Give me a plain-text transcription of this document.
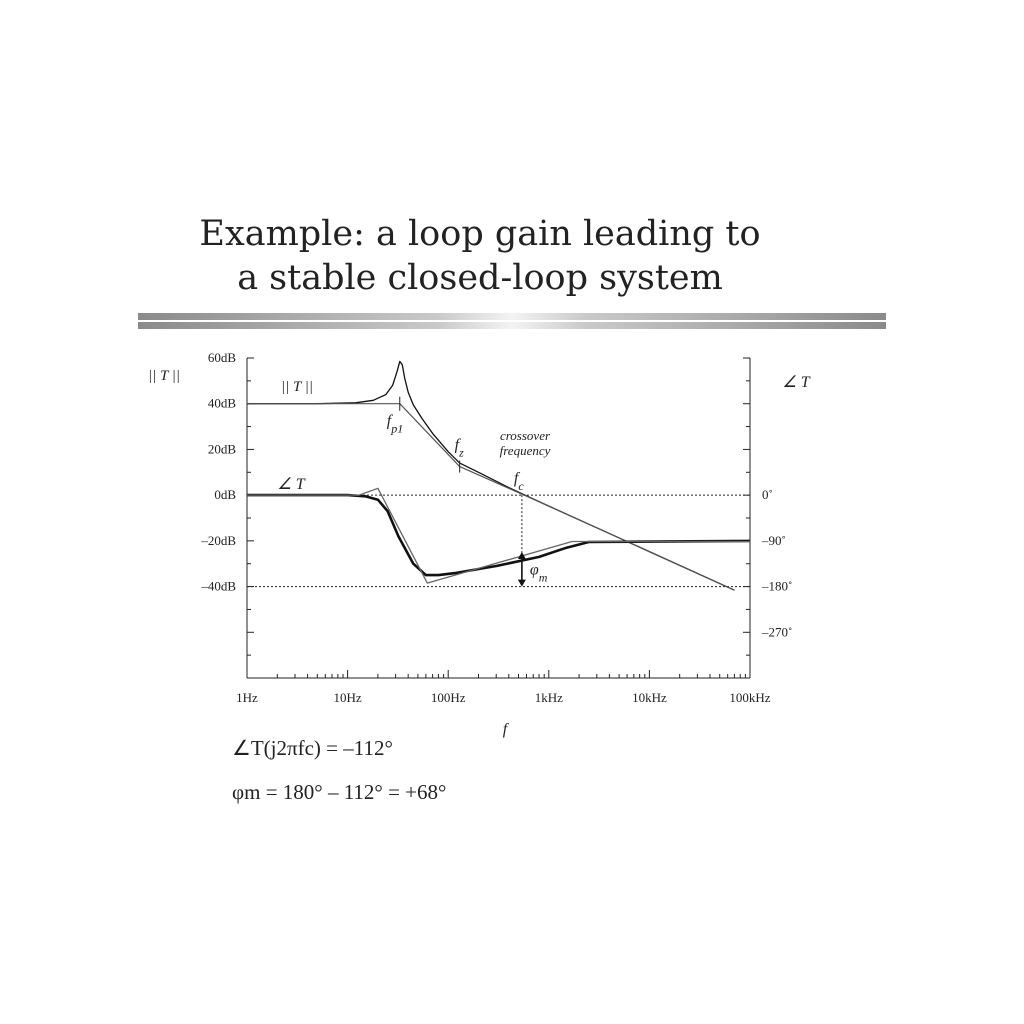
Example: a loop gain leading to
a stable closed-loop system
60dB
40dB
20dB
0dB
–20dB
–40dB
0˚
–90˚
–180˚
–270˚
1Hz	10Hz	100Hz	1kHz	10kHz	100kHz
|| T ||	∠ T
f
|| T ||
∠ T
$f_{p1}$
$f_z$
$f_c$
crossover
frequency
$\varphi_m$
∠T(j2πfc) = –112°
φm = 180° – 112° = +68°
